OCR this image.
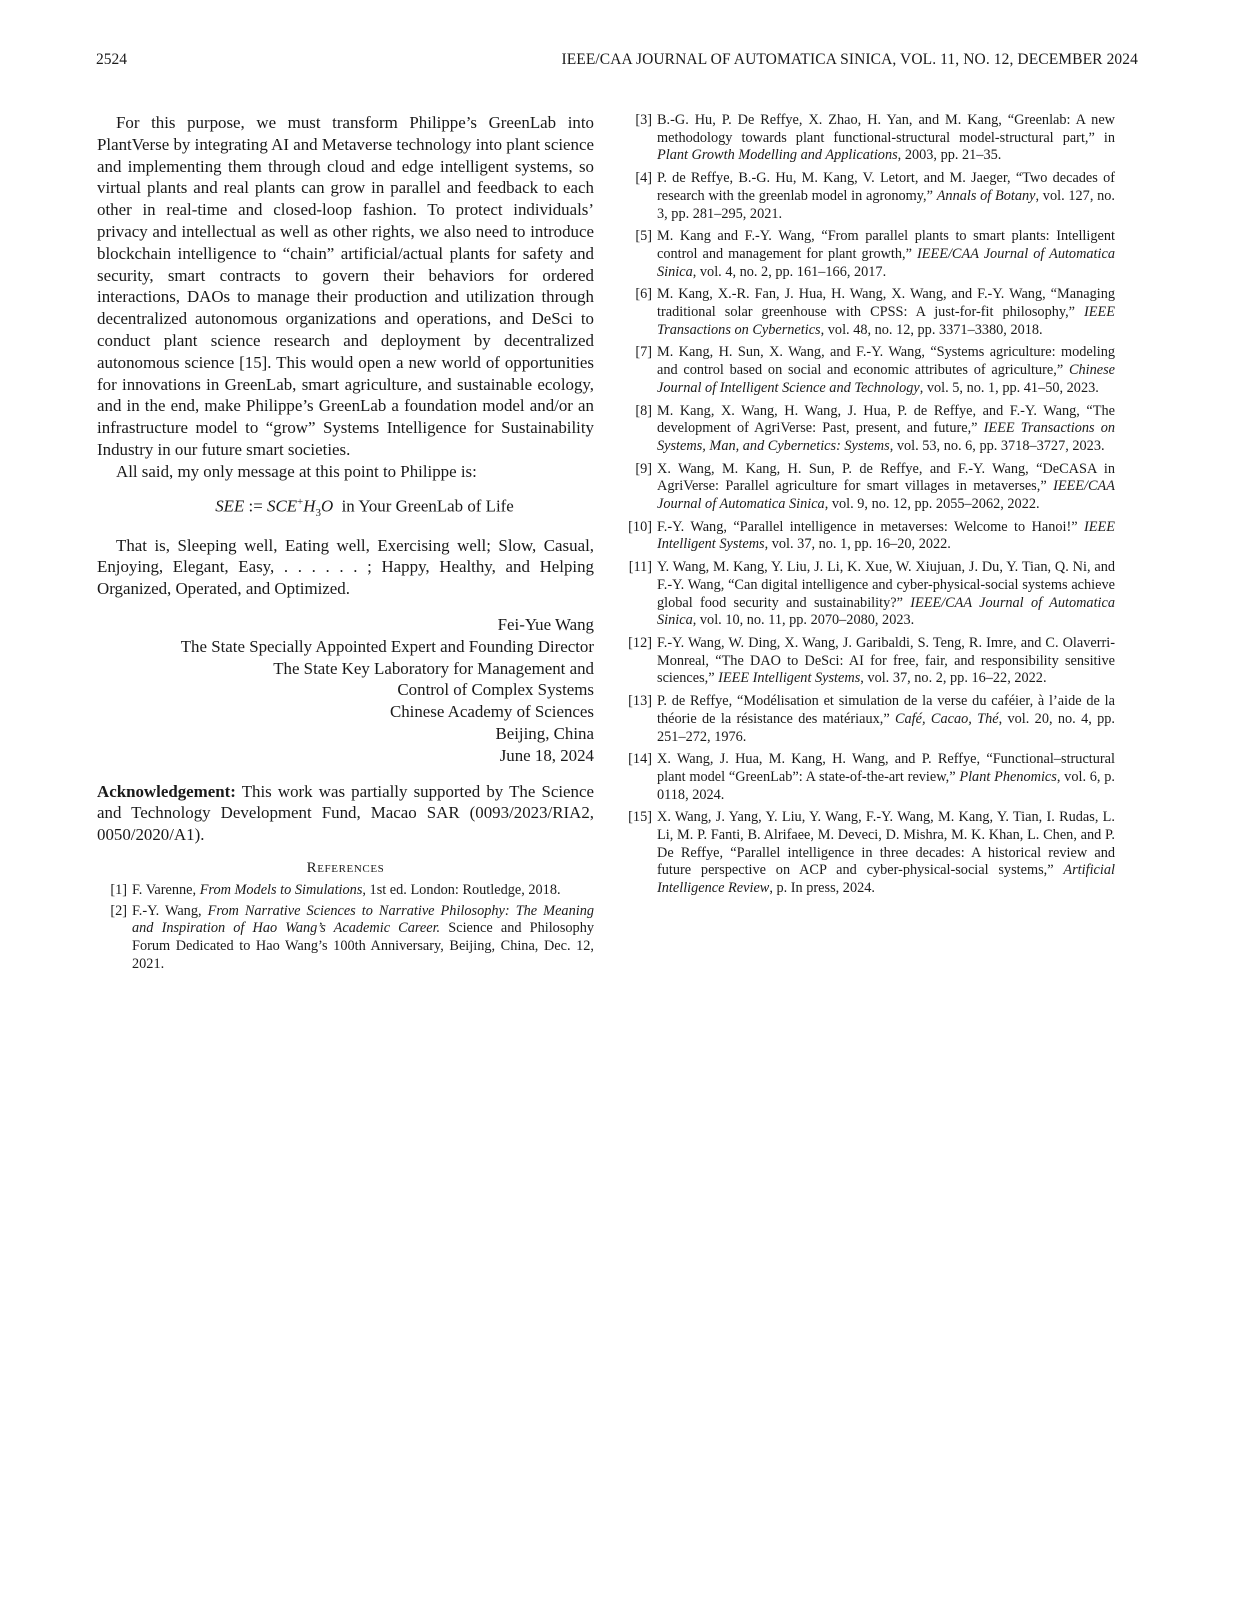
2524	IEEE/CAA JOURNAL OF AUTOMATICA SINICA, VOL. 11, NO. 12, DECEMBER 2024

For this purpose, we must transform Philippe’s GreenLab into PlantVerse by integrating AI and Metaverse technology into plant science and implementing them through cloud and edge intelligent systems, so virtual plants and real plants can grow in parallel and feedback to each other in real-time and closed-loop fashion. To protect individuals’ privacy and intellectual as well as other rights, we also need to introduce blockchain intelligence to “chain” artificial/actual plants for safety and security, smart contracts to govern their behaviors for ordered interactions, DAOs to manage their production and utilization through decentralized autonomous organizations and operations, and DeSci to conduct plant science research and deployment by decentralized autonomous science [15]. This would open a new world of opportunities for innovations in GreenLab, smart agriculture, and sustainable ecology, and in the end, make Philippe’s GreenLab a foundation model and/or an infrastructure model to “grow” Systems Intelligence for Sustainability Industry in our future smart societies.

All said, my only message at this point to Philippe is:

SEE := $SCE^+H_3O$ in Your GreenLab of Life

That is, Sleeping well, Eating well, Exercising well; Slow, Casual, Enjoying, Elegant, Easy, . . . . . . ; Happy, Healthy, and Helping Organized, Operated, and Optimized.

Fei-Yue Wang
The State Specially Appointed Expert and Founding Director
The State Key Laboratory for Management and
Control of Complex Systems
Chinese Academy of Sciences
Beijing, China
June 18, 2024

Acknowledgement: This work was partially supported by The Science and Technology Development Fund, Macao SAR (0093/2023/RIA2, 0050/2020/A1).

References
[1] F. Varenne, From Models to Simulations, 1st ed. London: Routledge, 2018.
[2] F.-Y. Wang, From Narrative Sciences to Narrative Philosophy: The Meaning and Inspiration of Hao Wang’s Academic Career. Science and Philosophy Forum Dedicated to Hao Wang’s 100th Anniversary, Beijing, China, Dec. 12, 2021.
[3] B.-G. Hu, P. De Reffye, X. Zhao, H. Yan, and M. Kang, “Greenlab: A new methodology towards plant functional-structural model-structural part,” in Plant Growth Modelling and Applications, 2003, pp. 21–35.
[4] P. de Reffye, B.-G. Hu, M. Kang, V. Letort, and M. Jaeger, “Two decades of research with the greenlab model in agronomy,” Annals of Botany, vol. 127, no. 3, pp. 281–295, 2021.
[5] M. Kang and F.-Y. Wang, “From parallel plants to smart plants: Intelligent control and management for plant growth,” IEEE/CAA Journal of Automatica Sinica, vol. 4, no. 2, pp. 161–166, 2017.
[6] M. Kang, X.-R. Fan, J. Hua, H. Wang, X. Wang, and F.-Y. Wang, “Managing traditional solar greenhouse with CPSS: A just-for-fit philosophy,” IEEE Transactions on Cybernetics, vol. 48, no. 12, pp. 3371–3380, 2018.
[7] M. Kang, H. Sun, X. Wang, and F.-Y. Wang, “Systems agriculture: modeling and control based on social and economic attributes of agriculture,” Chinese Journal of Intelligent Science and Technology, vol. 5, no. 1, pp. 41–50, 2023.
[8] M. Kang, X. Wang, H. Wang, J. Hua, P. de Reffye, and F.-Y. Wang, “The development of AgriVerse: Past, present, and future,” IEEE Transactions on Systems, Man, and Cybernetics: Systems, vol. 53, no. 6, pp. 3718–3727, 2023.
[9] X. Wang, M. Kang, H. Sun, P. de Reffye, and F.-Y. Wang, “DeCASA in AgriVerse: Parallel agriculture for smart villages in metaverses,” IEEE/CAA Journal of Automatica Sinica, vol. 9, no. 12, pp. 2055–2062, 2022.
[10] F.-Y. Wang, “Parallel intelligence in metaverses: Welcome to Hanoi!” IEEE Intelligent Systems, vol. 37, no. 1, pp. 16–20, 2022.
[11] Y. Wang, M. Kang, Y. Liu, J. Li, K. Xue, W. Xiujuan, J. Du, Y. Tian, Q. Ni, and F.-Y. Wang, “Can digital intelligence and cyber-physical-social systems achieve global food security and sustainability?” IEEE/CAA Journal of Automatica Sinica, vol. 10, no. 11, pp. 2070–2080, 2023.
[12] F.-Y. Wang, W. Ding, X. Wang, J. Garibaldi, S. Teng, R. Imre, and C. Olaverri-Monreal, “The DAO to DeSci: AI for free, fair, and responsibility sensitive sciences,” IEEE Intelligent Systems, vol. 37, no. 2, pp. 16–22, 2022.
[13] P. de Reffye, “Modélisation et simulation de la verse du caféier, à l’aide de la théorie de la résistance des matériaux,” Café, Cacao, Thé, vol. 20, no. 4, pp. 251–272, 1976.
[14] X. Wang, J. Hua, M. Kang, H. Wang, and P. Reffye, “Functional–structural plant model “GreenLab”: A state-of-the-art review,” Plant Phenomics, vol. 6, p. 0118, 2024.
[15] X. Wang, J. Yang, Y. Liu, Y. Wang, F.-Y. Wang, M. Kang, Y. Tian, I. Rudas, L. Li, M. P. Fanti, B. Alrifaee, M. Deveci, D. Mishra, M. K. Khan, L. Chen, and P. De Reffye, “Parallel intelligence in three decades: A historical review and future perspective on ACP and cyber-physical-social systems,” Artificial Intelligence Review, p. In press, 2024.
